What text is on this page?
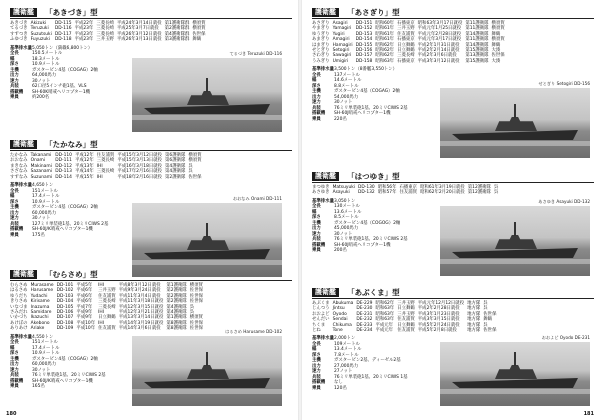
護衛艦 「あきづき」型
あきづき	Akizuki	DD-115	平成22年	三菱長崎	平成24年3月14日就役	第1護衛隊群	横須賀
てるづき	Teruzuki	DD-116	平成23年	三菱長崎	平成25年3月7日就役	第2護衛隊群	横須賀
すずつき	Suzutsuki	DD-117	平成23年	三菱長崎	平成26年3月12日就役	第4護衛隊群	佐世保
ふゆづき	Fuyuzuki	DD-118	平成23年	三井玉野	平成26年3月13日就役	第3護衛隊群	舞鶴
基準排水量 5,050トン（満載6,800トン）
全長	150.5メートル
幅	18.3メートル
深さ	10.9メートル
主機	ガスタービン4基（COGAG）2軸
出力	64,000馬力
速力	30ノット
兵装	62口径5インチ砲1基、VLS
搭載機	SH-60K哨戒ヘリコプター1機
乗員	約200名
てるづき Teruzuki DD-116
護衛艦 「たかなみ」型
たかなみ	Takanami	DD-110	平成12年	住友浦賀	平成15年3月12日就役	第6護衛隊	横須賀
おおなみ	Onami	DD-111	平成12年	三菱長崎	平成15年3月13日就役	第6護衛隊	横須賀
まきなみ	Makinami	DD-112	平成13年	IHI	平成16年3月18日就役	第4護衛隊	呉
さざなみ	Sazanami	DD-113	平成14年	三菱長崎	平成17年2月16日就役	第4護衛隊	呉
すずなみ	Suzunami	DD-114	平成15年	IHI	平成18年2月16日就役	第2護衛隊	佐世保
基準排水量 4,650トン
全長	151メートル
幅	17.4メートル
深さ	10.9メートル
主機	ガスタービン4基（COGAG）2軸
出力	60,000馬力
速力	30ノット
兵装	127ミリ単装砲1基、20ミリCIWS 2基
搭載機	SH-60J/K哨戒ヘリコプター1機
乗員	175名
おおなみ Onami DD-111
護衛艦 「むらさめ」型
むらさめ	Murasame	DD-101	平成5年	IHI	平成8年3月12日就役	第1護衛隊	横須賀
はるさめ	Harusame	DD-102	平成6年	三井玉野	平成9年3月24日就役	第2護衛隊	佐世保
ゆうだち	Yudachi	DD-103	平成6年	住友浦賀	平成11年3月4日就役	第2護衛隊	佐世保
きりさめ	Kirisame	DD-104	平成6年	三菱長崎	平成11年3月18日就役	第2護衛隊	佐世保
いなづま	Inazuma	DD-105	平成7年	三菱長崎	平成12年3月15日就役	第4護衛隊	呉
さみだれ	Samidare	DD-106	平成9年	IHI	平成12年3月21日就役	第4護衛隊	呉
いかづち	Ikazuchi	DD-107	平成9年	日立舞鶴	平成13年3月14日就役	第1護衛隊	横須賀
あけぼの	Akebono	DD-108	平成10年	IHI	平成14年3月19日就役	第8護衛隊	佐世保
ありあけ	Ariake	DD-109	平成10年	住友浦賀	平成14年3月6日就役	第8護衛隊	佐世保
基準排水量 4,550トン
全長	151メートル
幅	17.4メートル
深さ	10.9メートル
主機	ガスタービン4基（COGAG）2軸
出力	60,000馬力
速力	30ノット
兵装	76ミリ単装砲1基、20ミリCIWS 2基
搭載機	SH-60J/K哨戒ヘリコプター1機
乗員	165名
はるさめ Harusame DD-102
180
護衛艦 「あさぎり」型
あさぎり	Asagiri	DD-151	昭和60年	石播東京	昭和63年3月17日就役	第11護衛隊	横須賀
やまぎり	Yamagiri	DD-152	昭和61年	三井玉野	平成元年1月25日就役	第11護衛隊	横須賀
ゆうぎり	Yugiri	DD-153	昭和61年	住友浦賀	平成元年2月28日就役	第14護衛隊	舞鶴
あまぎり	Amagiri	DD-154	昭和61年	石播東京	平成元年3月17日就役	第11護衛隊	横須賀
はまぎり	Hamagiri	DD-155	昭和62年	日立舞鶴	平成2年1月31日就役	第14護衛隊	舞鶴
せとぎり	Setogiri	DD-156	昭和62年	日立舞鶴	平成2年2月14日就役	第15護衛隊	大湊
さわぎり	Sawagiri	DD-157	昭和62年	三菱長崎	平成2年3月6日就役	第13護衛隊	佐世保
うみぎり	Umigiri	DD-158	昭和63年	石播東京	平成3年3月12日就役	第15護衛隊	大湊
基準排水量 3,500トン（8番艦3,550トン）
全長	137メートル
幅	14.6メートル
深さ	8.8メートル
主機	ガスタービン4基（COGAG）2軸
出力	54,000馬力
速力	30ノット
兵装	76ミリ単装砲1基、20ミリCIWS 2基
搭載機	SH-60J哨戒ヘリコプター1機
乗員	220名
せとぎり Setogiri DD-156
護衛艦 「はつゆき」型
まつゆき	Matsuyuki	DD-130	昭和56年	石播東京	昭和61年3月19日就役	第12護衛隊	呉
あさゆき	Asayuki	DD-132	昭和57年	住友浦賀	昭和62年2月20日就役	第12護衛隊	呉
基準排水量 3,050トン
全長	130メートル
幅	13.6メートル
深さ	8.5メートル
主機	ガスタービン4基（COGOG）2軸
出力	45,000馬力
速力	30ノット
兵装	76ミリ単装砲1基、20ミリCIWS 2基
搭載機	SH-60J哨戒ヘリコプター1機
乗員	200名
あさゆき Asayuki DD-132
護衛艦 「あぶくま」型
あぶくま	Abukuma	DE-229	昭和62年	三井玉野	平成元年12月12日就役	地方隊	呉
じんつう	Jintsu	DE-230	昭和63年	日立舞鶴	平成2年2月28日就役	地方隊	呉
おおよど	Oyodo	DE-231	昭和63年	三井玉野	平成3年1月23日就役	地方隊	佐世保
せんだい	Sendai	DE-232	昭和63年	住友浦賀	平成3年3月15日就役	地方隊	舞鶴
ちくま	Chikuma	DE-233	平成元年	日立舞鶴	平成5年2月24日就役	地方隊	呉
とね	Tone	DE-234	平成元年	住友浦賀	平成5年2月8日就役	地方隊	佐世保
基準排水量 2,000トン
全長	109メートル
幅	13.4メートル
深さ	7.8メートル
主機	ガスタービン2基、ディーゼル2基
出力	27,000馬力
速力	27ノット
兵装	76ミリ単装砲1基、20ミリCIWS 1基
搭載機	なし
乗員	120名
おおよど Oyodo DE-231
181
